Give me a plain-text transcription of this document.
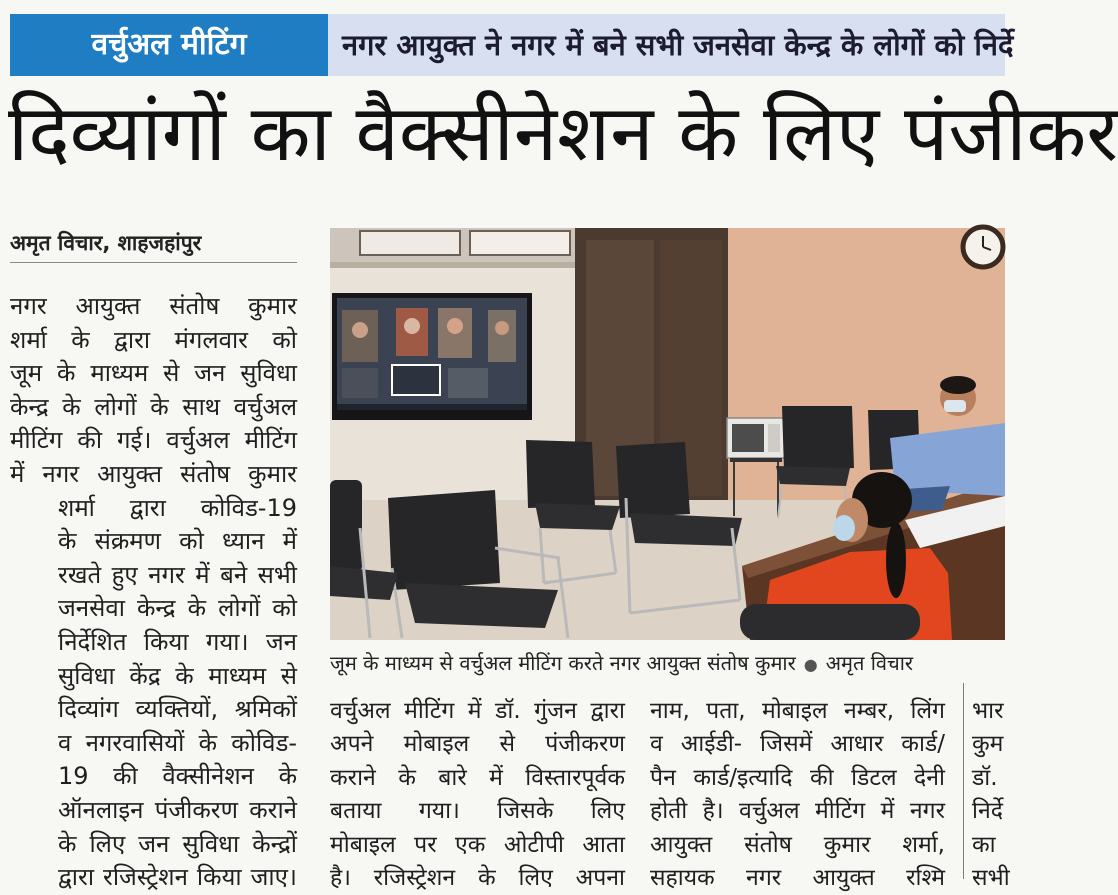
वर्चुअल मीटिंग	नगर आयुक्त ने नगर में बने सभी जनसेवा केन्द्र के लोगों को निर्दे
दिव्यांगों का वैक्सीनेशन के लिए पंजीकर
अमृत विचार, शाहजहांपुर
नगर आयुक्त संतोष कुमार
शर्मा के द्वारा मंगलवार को
जूम के माध्यम से जन सुविधा
केन्द्र के लोगों के साथ वर्चुअल
मीटिंग की गई। वर्चुअल मीटिंग
में नगर आयुक्त संतोष कुमार
शर्मा द्वारा कोविड-19
के संक्रमण को ध्यान में
रखते हुए नगर में बने सभी
जनसेवा केन्द्र के लोगों को
निर्देशित किया गया। जन
सुविधा केंद्र के माध्यम से
दिव्यांग व्यक्तियों, श्रमिकों
व नगरवासियों के कोविड-
19 की वैक्सीनेशन के
ऑनलाइन पंजीकरण कराने
के लिए जन सुविधा केन्द्रों
द्वारा रजिस्ट्रेशन किया जाए।
जूम के माध्यम से वर्चुअल मीटिंग करते नगर आयुक्त संतोष कुमार ● अमृत विचार
वर्चुअल मीटिंग में डॉ. गुंजन द्वारा
अपने मोबाइल से पंजीकरण
कराने के बारे में विस्तारपूर्वक
बताया गया। जिसके लिए
मोबाइल पर एक ओटीपी आता
है। रजिस्ट्रेशन के लिए अपना
नाम, पता, मोबाइल नम्बर, लिंग
व आईडी- जिसमें आधार कार्ड/
पैन कार्ड/इत्यादि की डिटल देनी
होती है। वर्चुअल मीटिंग में नगर
आयुक्त संतोष कुमार शर्मा,
सहायक नगर आयुक्त रश्मि
भार
कुम
डॉ.
निर्दे
का
सभी
